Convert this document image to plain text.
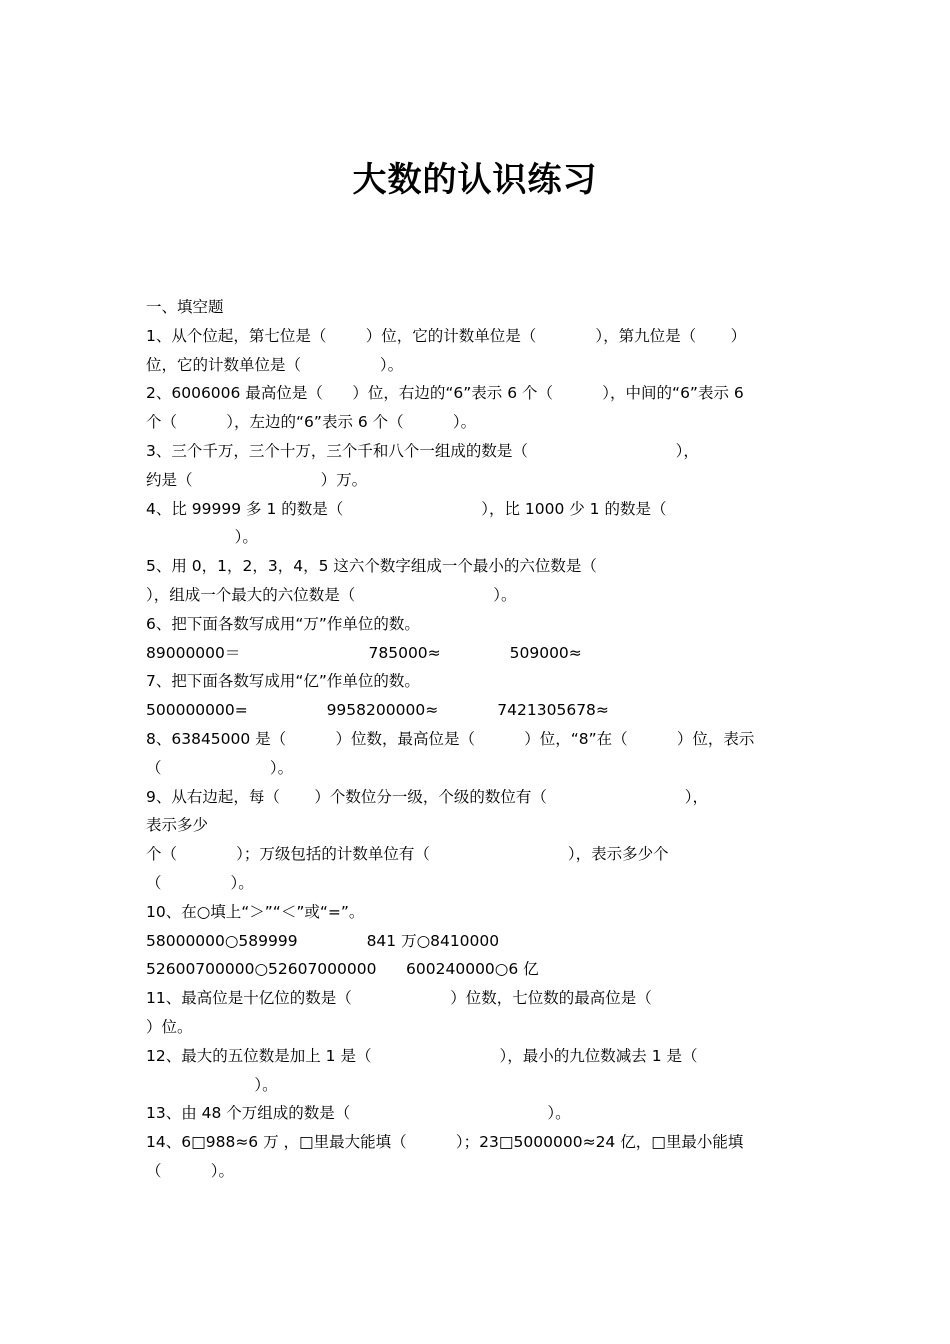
大数的认识练习
一、填空题
1、从个位起，第七位是（        ）位，它的计数单位是（            ），第九位是（       ）
位，它的计数单位是（                ）。
2、6006006 最高位是（      ）位，右边的“6”表示 6 个（          ），中间的“6”表示 6
个（          ），左边的“6”表示 6 个（          ）。
3、三个千万，三个十万，三个千和八个一组成的数是（                              ），
约是（                          ）万。
4、比 99999 多 1 的数是（                            ），比 1000 少 1 的数是（
）。
5、用 0，1，2，3，4，5 这六个数字组成一个最小的六位数是（
），组成一个最大的六位数是（                            ）。
6、把下面各数写成用“万”作单位的数。
89000000＝                          785000≈              509000≈
7、把下面各数写成用“亿”作单位的数。
500000000=                9958200000≈            7421305678≈
8、63845000 是（          ）位数，最高位是（          ）位，“8”在（          ）位，表示
（                      ）。
9、从右边起，每（       ）个数位分一级，个级的数位有（                            ），
表示多少
个（            ）；万级包括的计数单位有（                            ），表示多少个
（              ）。
10、在○填上“＞”“＜”或“=”。
58000000○589999              841 万○8410000
52600700000○52607000000      600240000○6 亿
11、最高位是十亿位的数是（                    ）位数，七位数的最高位是（
）位。
12、最大的五位数是加上 1 是（                          ），最小的九位数减去 1 是（
）。
13、由 48 个万组成的数是（                                        ）。
14、6□988≈6 万 ，□里最大能填（          ）；23□5000000≈24 亿，□里最小能填
（          ）。
